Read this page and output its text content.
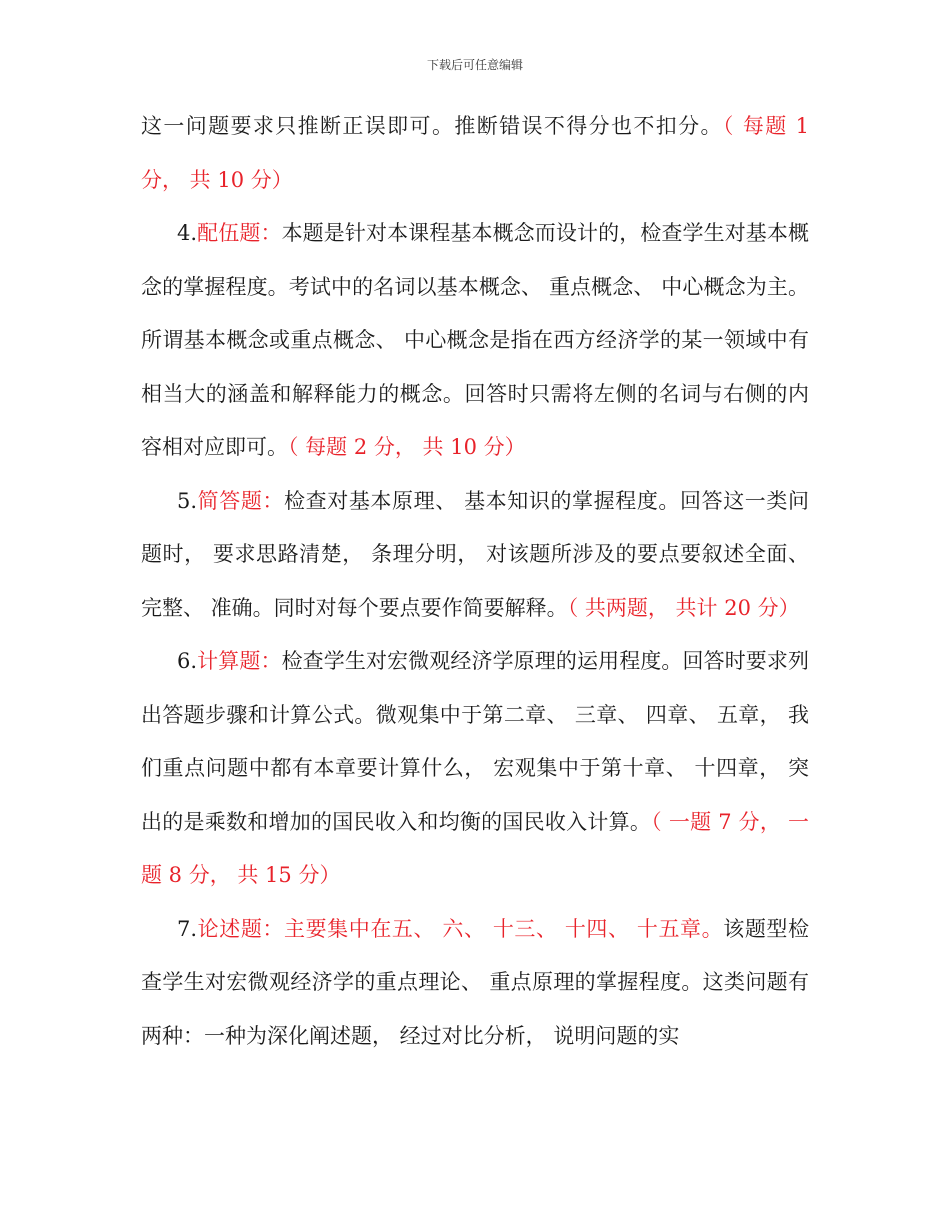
下载后可任意编辑

这一问题要求只推断正误即可。推断错误不得分也不扣分。（ 每题 1 分， 共 10 分）

4.配伍题：本题是针对本课程基本概念而设计的，检查学生对基本概念的掌握程度。考试中的名词以基本概念、 重点概念、 中心概念为主。所谓基本概念或重点概念、 中心概念是指在西方经济学的某一领域中有相当大的涵盖和解释能力的概念。回答时只需将左侧的名词与右侧的内容相对应即可。（ 每题 2 分， 共 10 分）

5.简答题：检查对基本原理、 基本知识的掌握程度。回答这一类问题时， 要求思路清楚， 条理分明， 对该题所涉及的要点要叙述全面、 完整、 准确。同时对每个要点要作简要解释。（ 共两题， 共计 20 分）

6.计算题：检查学生对宏微观经济学原理的运用程度。回答时要求列出答题步骤和计算公式。微观集中于第二章、 三章、 四章、 五章， 我们重点问题中都有本章要计算什么， 宏观集中于第十章、 十四章， 突出的是乘数和增加的国民收入和均衡的国民收入计算。（ 一题 7 分， 一题 8 分， 共 15 分）

7.论述题：主要集中在五、 六、 十三、 十四、 十五章。该题型检查学生对宏微观经济学的重点理论、 重点原理的掌握程度。这类问题有两种：一种为深化阐述题， 经过对比分析， 说明问题的实
